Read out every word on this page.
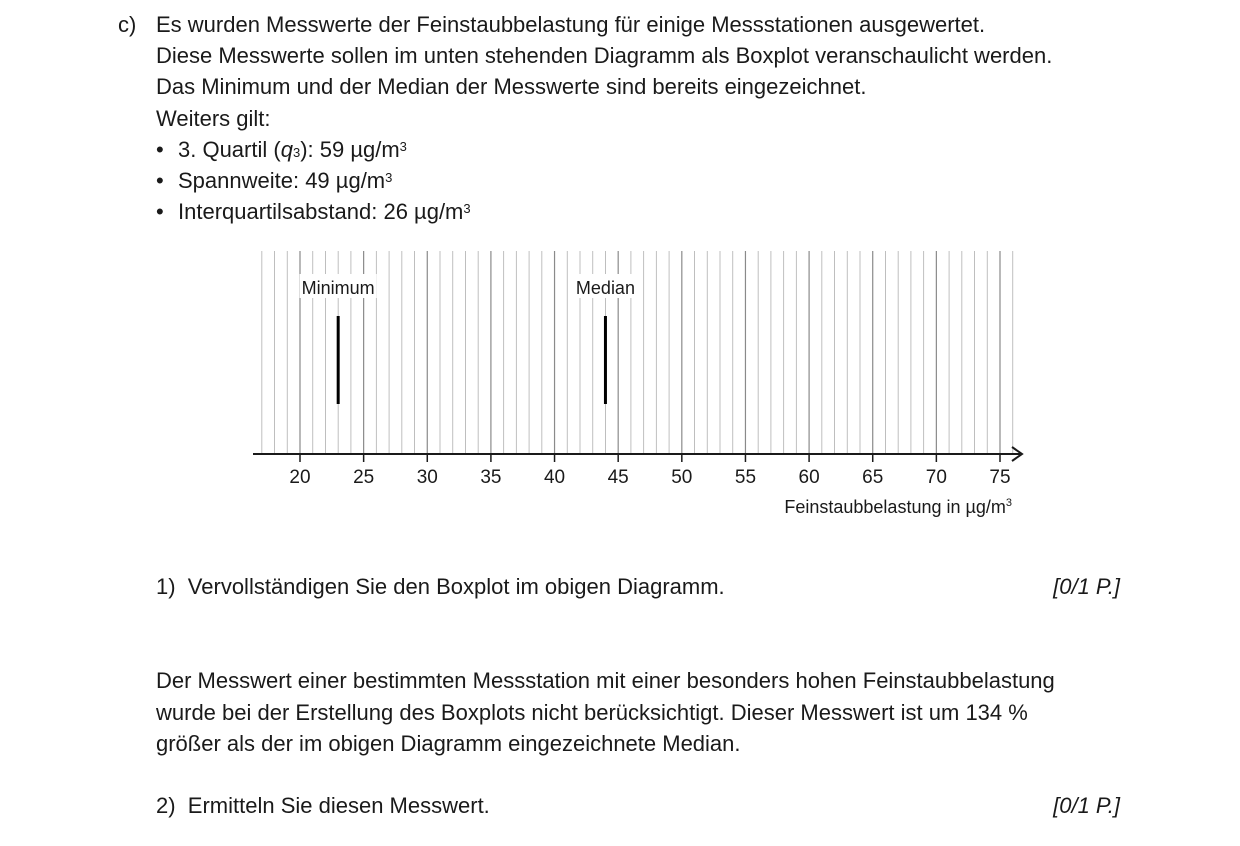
c) Es wurden Messwerte der Feinstaubbelastung für einige Messstationen ausgewertet.
Diese Messwerte sollen im unten stehenden Diagramm als Boxplot veranschaulicht werden.
Das Minimum und der Median der Messwerte sind bereits eingezeichnet.
Weiters gilt:
• 3. Quartil $(q_3)$: 59 $\mu g/m^3$
• Spannweite: 49 $\mu g/m^3$
• Interquartilsabstand: 26 $\mu g/m^3$
20 25 30 35 40 45 50 55 60 65 70 75
Minimum	Median
Feinstaubbelastung in $\mu g/m^3$
1) Vervollständigen Sie den Boxplot im obigen Diagramm.	[0/1 P.]
Der Messwert einer bestimmten Messstation mit einer besonders hohen Feinstaubbelastung
wurde bei der Erstellung des Boxplots nicht berücksichtigt. Dieser Messwert ist um 134 %
größer als der im obigen Diagramm eingezeichnete Median.
2) Ermitteln Sie diesen Messwert.	[0/1 P.]
